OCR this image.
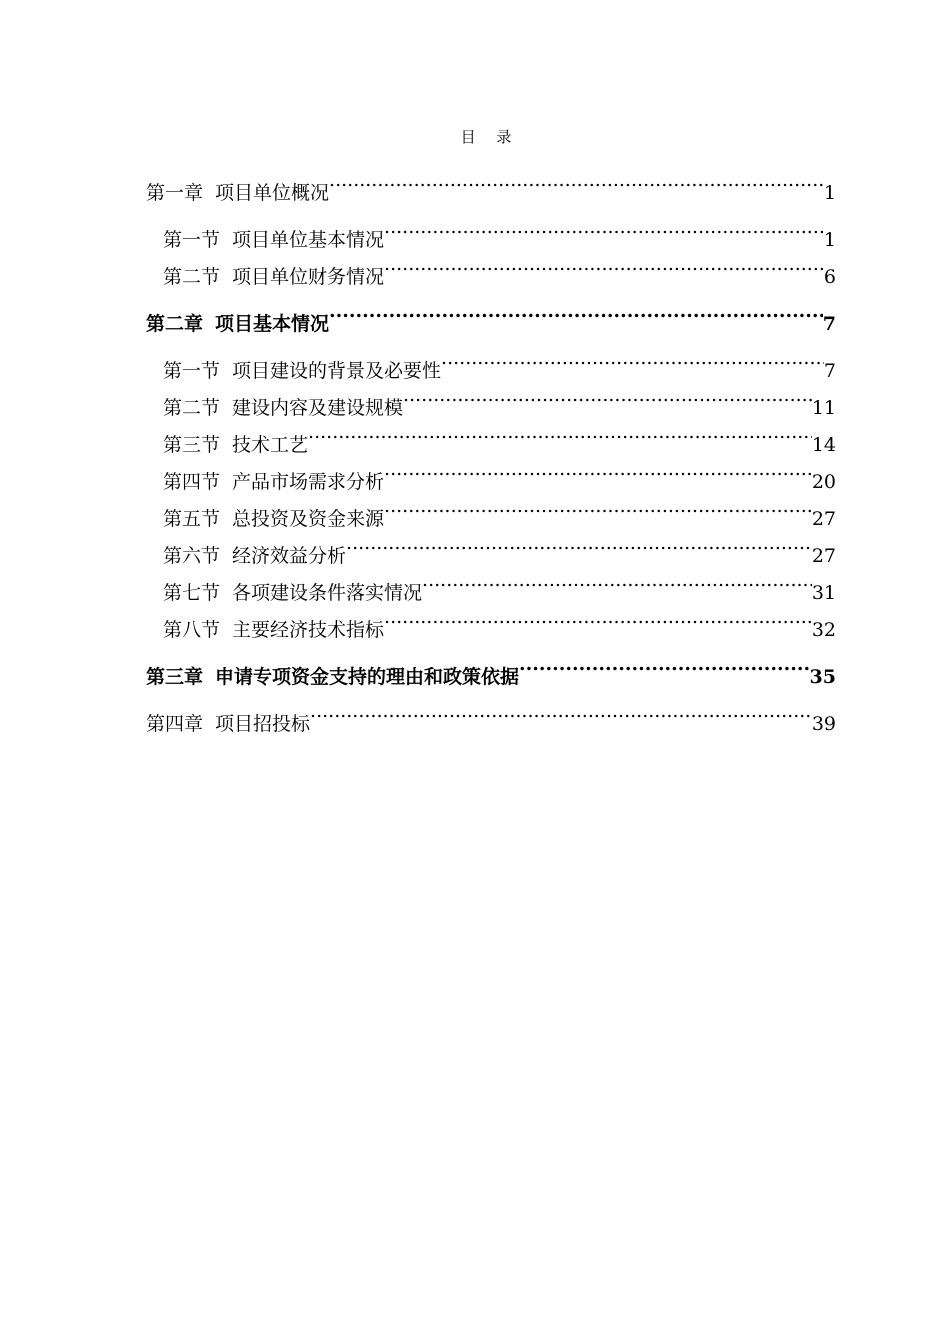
目 录
第一章 项目单位概况 .....	1
第一节 项目单位基本情况 .....	1
第二节 项目单位财务情况 .....	6
第二章 项目基本情况 .....	7
第一节 项目建设的背景及必要性 .....	7
第二节 建设内容及建设规模 .....	11
第三节 技术工艺 .....	14
第四节 产品市场需求分析 .....	20
第五节 总投资及资金来源 .....	27
第六节 经济效益分析 .....	27
第七节 各项建设条件落实情况 .....	31
第八节 主要经济技术指标 .....	32
第三章 申请专项资金支持的理由和政策依据 .....	35
第四章 项目招投标 .....	39
